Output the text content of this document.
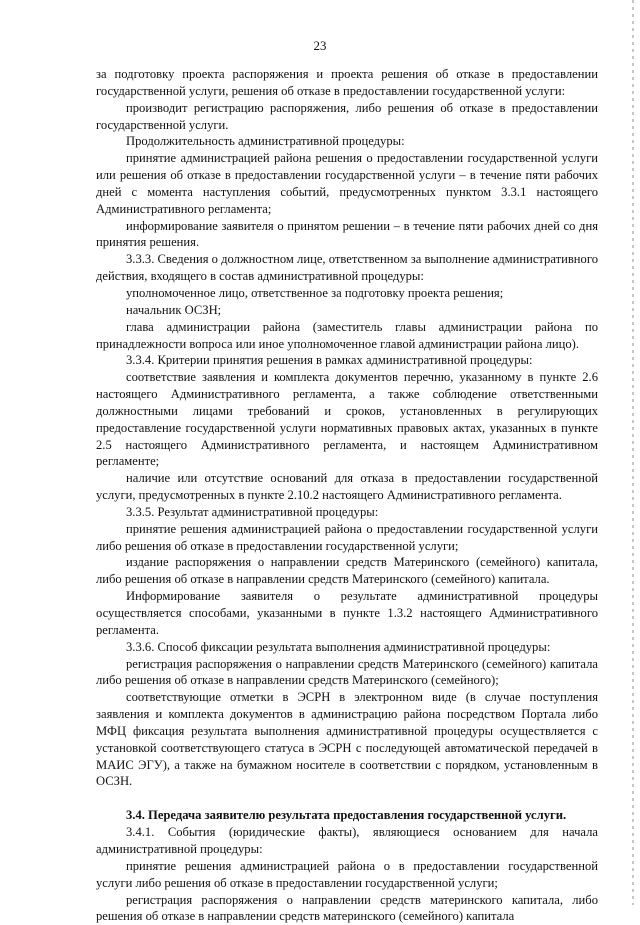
23

за подготовку проекта распоряжения и проекта решения об отказе в предоставлении государственной услуги, решения об отказе в предоставлении государственной услуги:

производит регистрацию распоряжения, либо решения об отказе в предоставлении государственной услуги.

Продолжительность административной процедуры:

принятие администрацией района решения о предоставлении государственной услуги или решения об отказе в предоставлении государственной услуги – в течение пяти рабочих дней с момента наступления событий, предусмотренных пунктом 3.3.1 настоящего Административного регламента;

информирование заявителя о принятом решении – в течение пяти рабочих дней со дня принятия решения.

3.3.3. Сведения о должностном лице, ответственном за выполнение административного действия, входящего в состав административной процедуры:

уполномоченное лицо, ответственное за подготовку проекта решения;

начальник ОСЗН;

глава администрации района (заместитель главы администрации района по принадлежности вопроса или иное уполномоченное главой администрации района лицо).

3.3.4. Критерии принятия решения в рамках административной процедуры:

соответствие заявления и комплекта документов перечню, указанному в пункте 2.6 настоящего Административного регламента, а также соблюдение ответственными должностными лицами требований и сроков, установленных в регулирующих предоставление государственной услуги нормативных правовых актах, указанных в пункте 2.5 настоящего Административного регламента, и настоящем Административном регламенте;

наличие или отсутствие оснований для отказа в предоставлении государственной услуги, предусмотренных в пункте 2.10.2 настоящего Административного регламента.

3.3.5. Результат административной процедуры:

принятие решения администрацией района о предоставлении государственной услуги либо решения об отказе в предоставлении государственной услуги;

издание распоряжения о направлении средств Материнского (семейного) капитала, либо решения об отказе в направлении средств Материнского (семейного) капитала.

Информирование заявителя о результате административной процедуры осуществляется способами, указанными в пункте 1.3.2 настоящего Административного регламента.

3.3.6. Способ фиксации результата выполнения административной процедуры:

регистрация распоряжения о направлении средств Материнского (семейного) капитала либо решения об отказе в направлении средств Материнского (семейного);

соответствующие отметки в ЭСРН в электронном виде (в случае поступления заявления и комплекта документов в администрацию района посредством Портала либо МФЦ фиксация результата выполнения административной процедуры осуществляется с установкой соответствующего статуса в ЭСРН с последующей автоматической передачей в МАИС ЭГУ), а также на бумажном носителе в соответствии с порядком, установленным в ОСЗН.

3.4. Передача заявителю результата предоставления государственной услуги.

3.4.1. События (юридические факты), являющиеся основанием для начала административной процедуры:

принятие решения администрацией района о в предоставлении государственной услуги либо решения об отказе в предоставлении государственной услуги;

регистрация распоряжения о направлении средств материнского капитала, либо решения об отказе в направлении средств материнского (семейного) капитала
